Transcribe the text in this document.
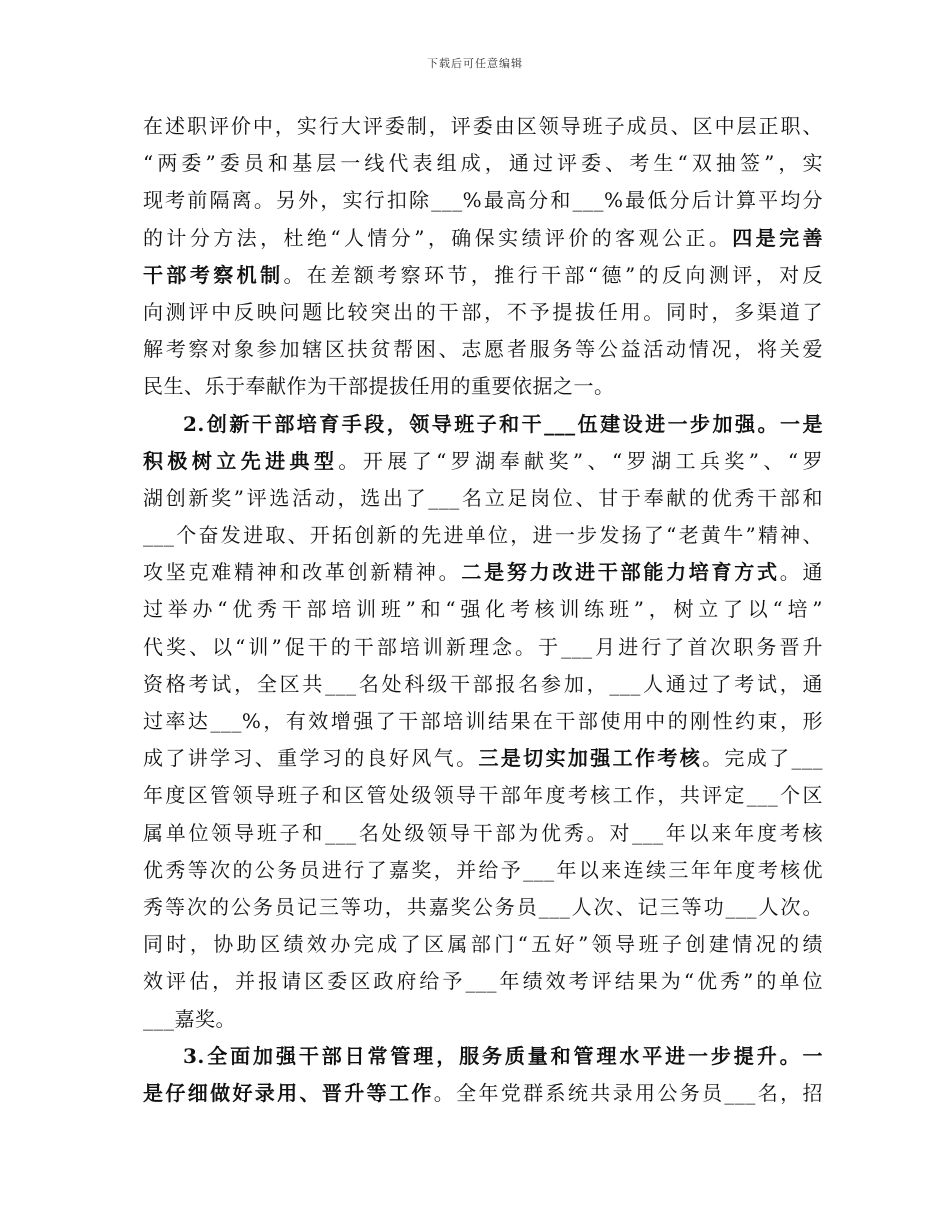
下载后可任意编辑
在述职评价中，实行大评委制，评委由区领导班子成员、区中层正职、
“两委”委员和基层一线代表组成，通过评委、考生“双抽签”，实
现考前隔离。另外，实行扣除___%最高分和___%最低分后计算平均分
的计分方法，杜绝“人情分”，确保实绩评价的客观公正。四是完善
干部考察机制。在差额考察环节，推行干部“德”的反向测评，对反
向测评中反映问题比较突出的干部，不予提拔任用。同时，多渠道了
解考察对象参加辖区扶贫帮困、志愿者服务等公益活动情况，将关爱
民生、乐于奉献作为干部提拔任用的重要依据之一。
2.创新干部培育手段，领导班子和干___伍建设进一步加强。一是
积极树立先进典型。开展了“罗湖奉献奖”、“罗湖工兵奖”、“罗
湖创新奖”评选活动，选出了___名立足岗位、甘于奉献的优秀干部和
___个奋发进取、开拓创新的先进单位，进一步发扬了“老黄牛”精神、
攻坚克难精神和改革创新精神。二是努力改进干部能力培育方式。通
过举办“优秀干部培训班”和“强化考核训练班”，树立了以“培”
代奖、以“训”促干的干部培训新理念。于___月进行了首次职务晋升
资格考试，全区共___名处科级干部报名参加，___人通过了考试，通
过率达___%，有效增强了干部培训结果在干部使用中的刚性约束，形
成了讲学习、重学习的良好风气。三是切实加强工作考核。完成了___
年度区管领导班子和区管处级领导干部年度考核工作，共评定___个区
属单位领导班子和___名处级领导干部为优秀。对___年以来年度考核
优秀等次的公务员进行了嘉奖，并给予___年以来连续三年年度考核优
秀等次的公务员记三等功，共嘉奖公务员___人次、记三等功___人次。
同时，协助区绩效办完成了区属部门“五好”领导班子创建情况的绩
效评估，并报请区委区政府给予___年绩效考评结果为“优秀”的单位
___嘉奖。
3.全面加强干部日常管理，服务质量和管理水平进一步提升。一
是仔细做好录用、晋升等工作。全年党群系统共录用公务员___名，招
